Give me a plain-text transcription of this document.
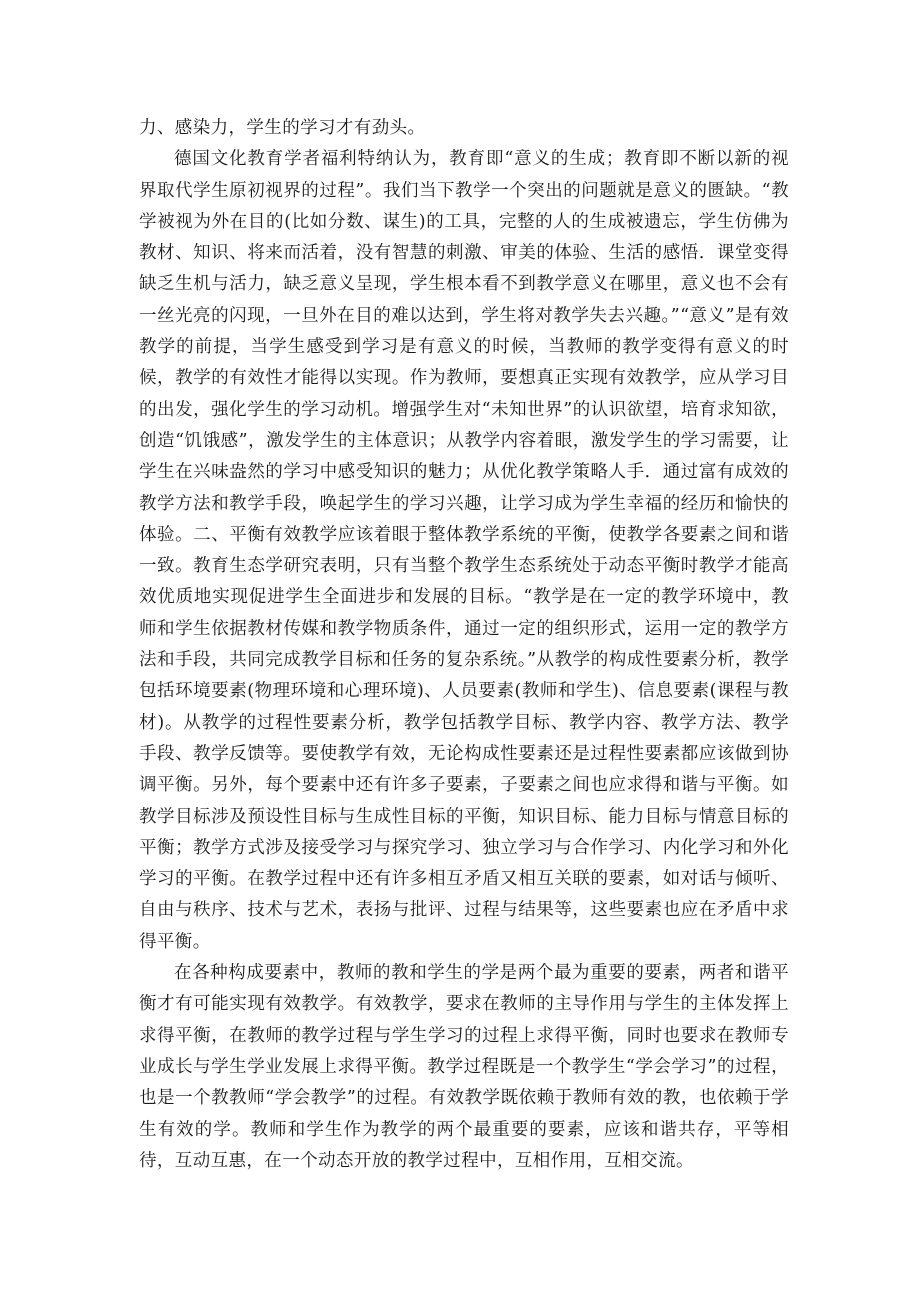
力、感染力，学生的学习才有劲头。

德国文化教育学者福利特纳认为，教育即“意义的生成；教育即不断以新的视界取代学生原初视界的过程”。我们当下教学一个突出的问题就是意义的匮缺。“教学被视为外在目的(比如分数、谋生)的工具，完整的人的生成被遗忘，学生仿佛为教材、知识、将来而活着，没有智慧的刺激、审美的体验、生活的感悟．课堂变得缺乏生机与活力，缺乏意义呈现，学生根本看不到教学意义在哪里，意义也不会有一丝光亮的闪现，一旦外在目的难以达到，学生将对教学失去兴趣。”“意义”是有效教学的前提，当学生感受到学习是有意义的时候，当教师的教学变得有意义的时候，教学的有效性才能得以实现。作为教师，要想真正实现有效教学，应从学习目的出发，强化学生的学习动机。增强学生对“未知世界”的认识欲望，培育求知欲，创造“饥饿感”，激发学生的主体意识；从教学内容着眼，激发学生的学习需要，让学生在兴味盎然的学习中感受知识的魅力；从优化教学策略人手．通过富有成效的教学方法和教学手段，唤起学生的学习兴趣，让学习成为学生幸福的经历和愉快的体验。二、平衡有效教学应该着眼于整体教学系统的平衡，使教学各要素之间和谐一致。教育生态学研究表明，只有当整个教学生态系统处于动态平衡时教学才能高效优质地实现促进学生全面进步和发展的目标。“教学是在一定的教学环境中，教师和学生依据教材传媒和教学物质条件，通过一定的组织形式，运用一定的教学方法和手段，共同完成教学目标和任务的复杂系统。”从教学的构成性要素分析，教学包括环境要素(物理环境和心理环境)、人员要素(教师和学生)、信息要素(课程与教材)。从教学的过程性要素分析，教学包括教学目标、教学内容、教学方法、教学手段、教学反馈等。要使教学有效，无论构成性要素还是过程性要素都应该做到协调平衡。另外，每个要素中还有许多子要素，子要素之间也应求得和谐与平衡。如教学目标涉及预设性目标与生成性目标的平衡，知识目标、能力目标与情意目标的平衡；教学方式涉及接受学习与探究学习、独立学习与合作学习、内化学习和外化学习的平衡。在教学过程中还有许多相互矛盾又相互关联的要素，如对话与倾听、自由与秩序、技术与艺术，表扬与批评、过程与结果等，这些要素也应在矛盾中求得平衡。

在各种构成要素中，教师的教和学生的学是两个最为重要的要素，两者和谐平衡才有可能实现有效教学。有效教学，要求在教师的主导作用与学生的主体发挥上求得平衡，在教师的教学过程与学生学习的过程上求得平衡，同时也要求在教师专业成长与学生学业发展上求得平衡。教学过程既是一个教学生“学会学习”的过程，也是一个教教师“学会教学”的过程。有效教学既依赖于教师有效的教，也依赖于学生有效的学。教师和学生作为教学的两个最重要的要素，应该和谐共存，平等相待，互动互惠，在一个动态开放的教学过程中，互相作用，互相交流。
